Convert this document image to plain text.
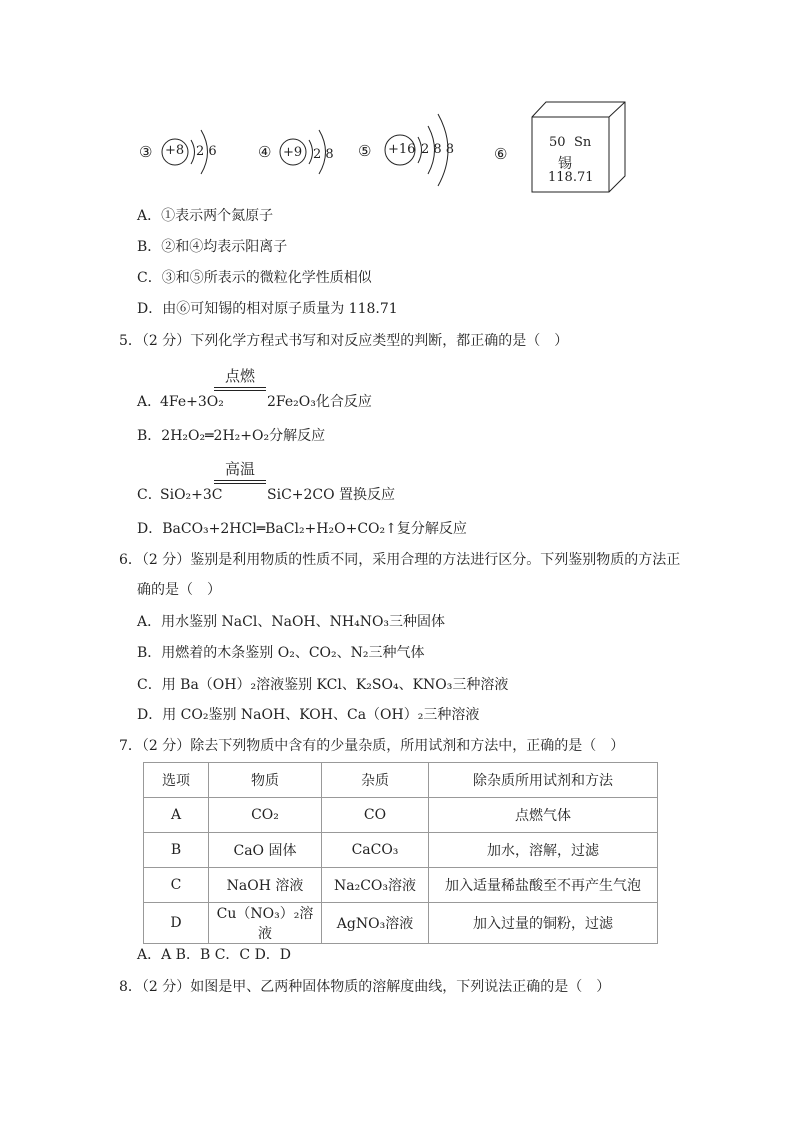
③ +8 2 6	④ +9 2 8 ⑤ +16 2 8 8	⑥
50 Sn
锡
118.71
A．①表示两个氮原子
B．②和④均表示阳离子
C．③和⑤所表示的微粒化学性质相似
D．由⑥可知锡的相对原子质量为 118.71
5．（2 分）下列化学方程式书写和对反应类型的判断，都正确的是（　）
A．
4Fe+3O₂
点燃
2Fe₂O₃化合反应
B．2H₂O₂═2H₂+O₂分解反应
C．
SiO₂+3C
高温
SiC+2CO 置换反应
D．BaCO₃+2HCl═BaCl₂+H₂O+CO₂↑复分解反应
6．（2 分）鉴别是利用物质的性质不同，采用合理的方法进行区分。下列鉴别物质的方法正
确的是（　）
A．用水鉴别 NaCl、NaOH、NH₄NO₃三种固体
B．用燃着的木条鉴别 O₂、CO₂、N₂三种气体
C．用 Ba（OH）₂溶液鉴别 KCl、K₂SO₄、KNO₃三种溶液
D．用 CO₂鉴别 NaOH、KOH、Ca（OH）₂三种溶液
7．（2 分）除去下列物质中含有的少量杂质，所用试剂和方法中，正确的是（　）
选项	物质	杂质	除杂质所用试剂和方法
A	CO₂	CO	点燃气体
B	CaO 固体	CaCO₃	加水，溶解，过滤
C	NaOH 溶液	Na₂CO₃溶液	加入适量稀盐酸至不再产生气泡
D	Cu（NO₃）₂溶液	AgNO₃溶液	加入过量的铜粉，过滤
A．A B．B C．C D．D
8．（2 分）如图是甲、乙两种固体物质的溶解度曲线，下列说法正确的是（　）
